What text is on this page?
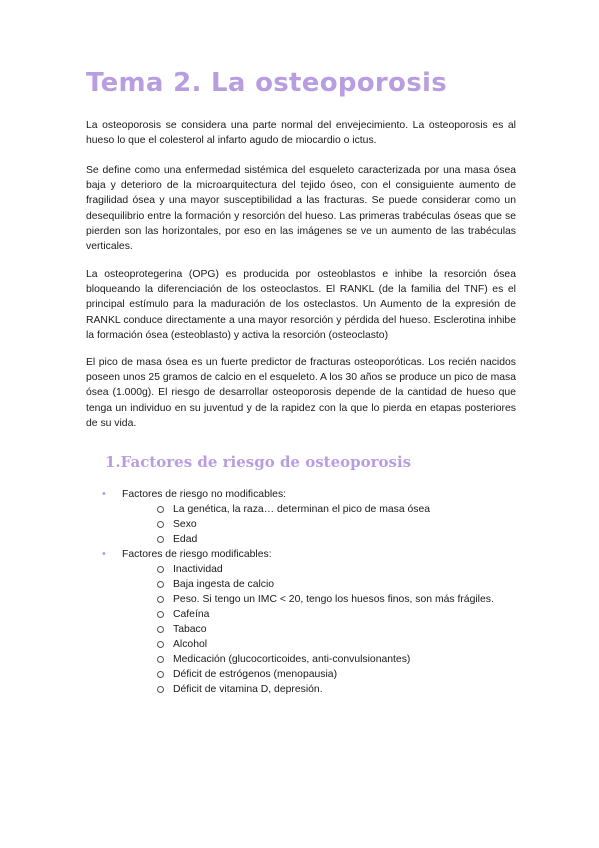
Tema 2. La osteoporosis

La osteoporosis se considera una parte normal del envejecimiento. La osteoporosis es al hueso lo que el colesterol al infarto agudo de miocardio o ictus.

Se define como una enfermedad sistémica del esqueleto caracterizada por una masa ósea baja y deterioro de la microarquitectura del tejido óseo, con el consiguiente aumento de fragilidad ósea y una mayor susceptibilidad a las fracturas. Se puede considerar como un desequilibrio entre la formación y resorción del hueso. Las primeras trabéculas óseas que se pierden son las horizontales, por eso en las imágenes se ve un aumento de las trabéculas verticales.

La osteoprotegerina (OPG) es producida por osteoblastos e inhibe la resorción ósea bloqueando la diferenciación de los osteoclastos. El RANKL (de la familia del TNF) es el principal estímulo para la maduración de los osteclastos. Un Aumento de la expresión de RANKL conduce directamente a una mayor resorción y pérdida del hueso. Esclerotina inhibe la formación ósea (esteoblasto) y activa la resorción (osteoclasto)

El pico de masa ósea es un fuerte predictor de fracturas osteoporóticas. Los recién nacidos poseen unos 25 gramos de calcio en el esqueleto. A los 30 años se produce un pico de masa ósea (1.000g). El riesgo de desarrollar osteoporosis depende de la cantidad de hueso que tenga un individuo en su juventud y de la rapidez con la que lo pierda en etapas posteriores de su vida.

1.Factores de riesgo de osteoporosis
• Factores de riesgo no modificables:
La genética, la raza… determinan el pico de masa ósea
Sexo
Edad
• Factores de riesgo modificables:
Inactividad
Baja ingesta de calcio
Peso. Si tengo un IMC < 20, tengo los huesos finos, son más frágiles.
Cafeína
Tabaco
Alcohol
Medicación (glucocorticoides, anti-convulsionantes)
Déficit de estrógenos (menopausia)
Déficit de vitamina D, depresión.
